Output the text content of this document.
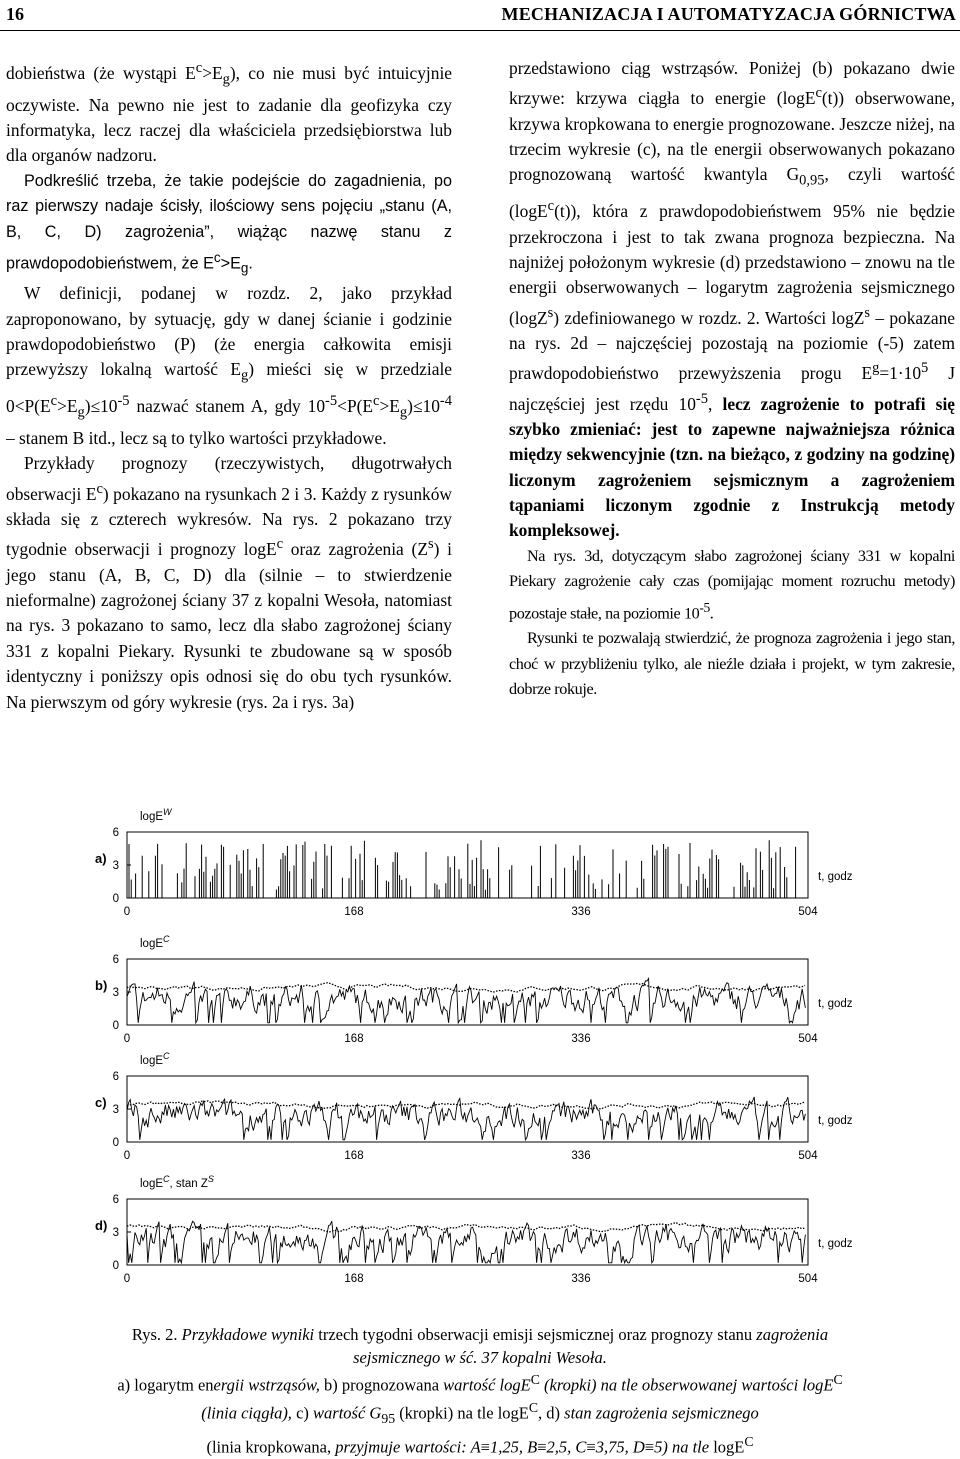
16	MECHANIZACJA I AUTOMATYZACJA GÓRNICTWA

dobieństwa (że wystąpi $E^c>E_g$), co nie musi być intuicyjnie oczywiste. Na pewno nie jest to zadanie dla geofizyka czy informatyka, lecz raczej dla właściciela przedsiębiorstwa lub dla organów nadzoru.

Podkreślić trzeba, że takie podejście do zagadnienia, po raz pierwszy nadaje ścisły, ilościowy sens pojęciu „stanu (A, B, C, D) zagrożenia”, wiążąc nazwę stanu z prawdopodobieństwem, że $E^c>E_g$.

W definicji, podanej w rozdz. 2, jako przykład zaproponowano, by sytuację, gdy w danej ścianie i godzinie prawdopodobieństwo (P) (że energia całkowita emisji przewyższy lokalną wartość $E_g$) mieści się w przedziale $0<P(E^c>E_g)\le 10^{-5}$ nazwać stanem A, gdy $10^{-5}<P(E^c>E_g)\le 10^{-4}$ – stanem B itd., lecz są to tylko wartości przykładowe.

Przykłady prognozy (rzeczywistych, długotrwałych obserwacji $E^c$) pokazano na rysunkach 2 i 3. Każdy z rysunków składa się z czterech wykresów. Na rys. 2 pokazano trzy tygodnie obserwacji i prognozy logE$^c$ oraz zagrożenia $(Z^s)$ i jego stanu (A, B, C, D) dla (silnie – to stwierdzenie nieformalne) zagrożonej ściany 37 z kopalni Wesoła, natomiast na rys. 3 pokazano to samo, lecz dla słabo zagrożonej ściany 331 z kopalni Piekary. Rysunki te zbudowane są w sposób identyczny i poniższy opis odnosi się do obu tych rysunków. Na pierwszym od góry wykresie (rys. 2a i rys. 3a)

przedstawiono ciąg wstrząsów. Poniżej (b) pokazano dwie krzywe: krzywa ciągła to energie (logE$^c$(t)) obserwowane, krzywa kropkowana to energie prognozowane. Jeszcze niżej, na trzecim wykresie (c), na tle energii obserwowanych pokazano prognozowaną wartość kwantyla $G_{0,95}$, czyli wartość (logE$^c$(t)), która z prawdopodobieństwem 95% nie będzie przekroczona i jest to tak zwana prognoza bezpieczna. Na najniżej położonym wykresie (d) przedstawiono – znowu na tle energii obserwowanych – logarytm zagrożenia sejsmicznego (logZ$^s$) zdefiniowanego w rozdz. 2. Wartości logZ$^s$ – pokazane na rys. 2d – najczęściej pozostają na poziomie (-5) zatem prawdopodobieństwo przewyższenia progu $E^g=1\cdot 10^5$ J najczęściej jest rzędu $10^{-5}$, lecz zagrożenie to potrafi się szybko zmieniać: jest to zapewne najważniejsza różnica między sekwencyjnie (tzn. na bieżąco, z godziny na godzinę) liczonym zagrożeniem sejsmicznym a zagrożeniem tąpaniami liczonym zgodnie z Instrukcją metody kompleksowej.

Na rys. 3d, dotyczącym słabo zagrożonej ściany 331 w kopalni Piekary zagrożenie cały czas (pomijając moment rozruchu metody) pozostaje stałe, na poziomie $10^{-5}$.

Rysunki te pozwalają stwierdzić, że prognoza zagrożenia i jego stan, choć w przybliżeniu tylko, ale nieźle działa i projekt, w tym zakresie, dobrze rokuje.

a)
6
3
0
0	168	336	504
t, godz
logE$^W$
b)
6
3
0
0	168	336	504
t, godz
logE$^C$
c)
6
3
0
0	168	336	504
t, godz
logE$^C$
d)
6
3
0
0	168	336	504
t, godz
logE$^C$, stan $Z^S$
Rys. 2. Przykładowe wyniki trzech tygodni obserwacji emisji sejsmicznej oraz prognozy stanu zagrożenia
sejsmicznego w ść. 37 kopalni Wesoła.
a) logarytm energii wstrząsów, b) prognozowana wartość logE$^C$ (kropki) na tle obserwowanej wartości logE$^C$
(linia ciągła), c) wartość $G_{95}$ (kropki) na tle logE$^C$, d) stan zagrożenia sejsmicznego
(linia kropkowana, przyjmuje wartości: A≡1,25, B≡2,5, C≡3,75, D≡5) na tle logE$^C$
